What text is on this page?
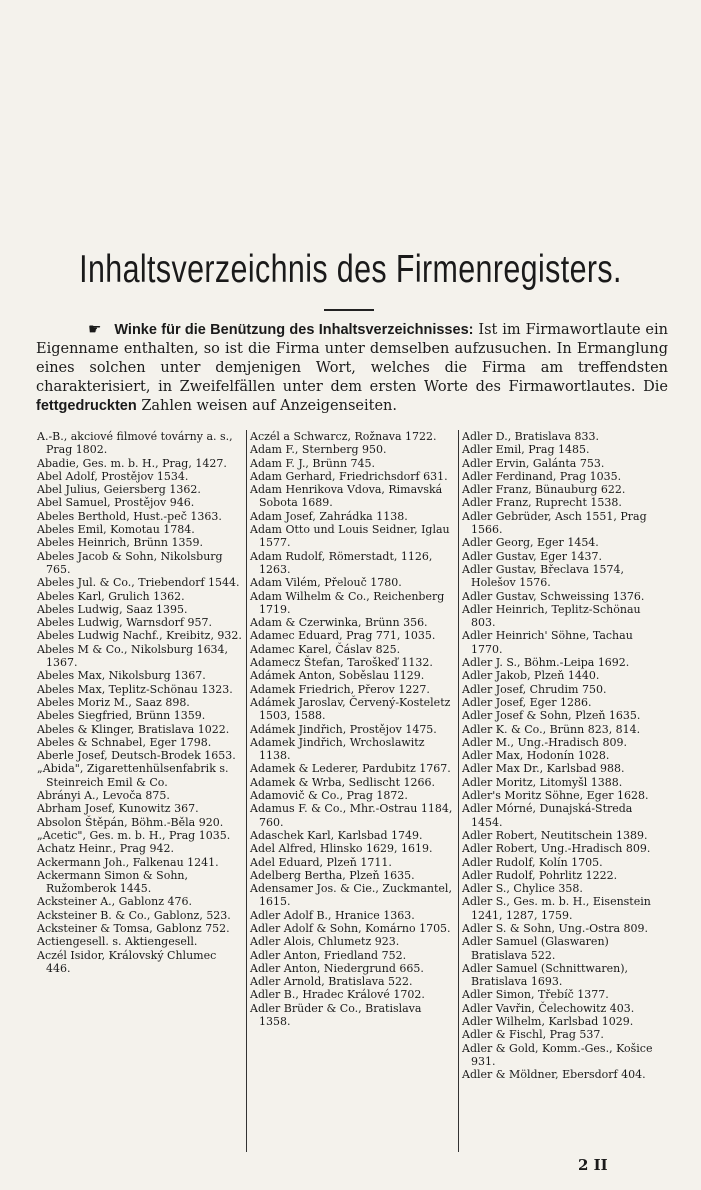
Inhaltsverzeichnis des Firmenregisters.
☛ Winke für die Benützung des Inhaltsverzeichnisses: Ist im Firmawortlaute ein Eigenname enthalten, so ist die Firma unter demselben aufzusuchen. In Ermanglung eines solchen unter demjenigen Wort, welches die Firma am treffendsten charakterisiert, in Zweifelfällen unter dem ersten Worte des Firmawortlautes. Die fettgedruckten Zahlen weisen auf Anzeigenseiten.

A.-B., akciové filmové továrny a. s., Prag 1802.

Abadie, Ges. m. b. H., Prag, 1427.

Abel Adolf, Prostějov 1534.

Abel Julius, Geiersberg 1362.

Abel Samuel, Prostějov 946.

Abeles Berthold, Hust.-peč 1363.

Abeles Emil, Komotau 1784.

Abeles Heinrich, Brünn 1359.

Abeles Jacob & Sohn, Nikolsburg 765.

Abeles Jul. & Co., Triebendorf 1544.

Abeles Karl, Grulich 1362.

Abeles Ludwig, Saaz 1395.

Abeles Ludwig, Warnsdorf 957.

Abeles Ludwig Nachf., Kreibitz, 932.

Abeles M & Co., Nikolsburg 1634, 1367.

Abeles Max, Nikolsburg 1367.

Abeles Max, Teplitz-Schönau 1323.

Abeles Moriz M., Saaz 898.

Abeles Siegfried, Brünn 1359.

Abeles & Klinger, Bratislava 1022.

Abeles & Schnabel, Eger 1798.

Aberle Josef, Deutsch-Brodek 1653.

„Abida", Zigarettenhülsenfabrik s. Steinreich Emil & Co.

Abrányi A., Levoča 875.

Abrham Josef, Kunowitz 367.

Absolon Štěpán, Böhm.-Běla 920.

„Acetic", Ges. m. b. H., Prag 1035.

Achatz Heinr., Prag 942.

Ackermann Joh., Falkenau 1241.

Ackermann Simon & Sohn, Ružomberok 1445.

Acksteiner A., Gablonz 476.

Acksteiner B. & Co., Gablonz, 523.

Acksteiner & Tomsa, Gablonz 752.

Actiengesell. s. Aktiengesell.

Aczél Isidor, Královský Chlumec 446.

Aczél a Schwarcz, Rožnava 1722.

Adam F., Sternberg 950.

Adam F. J., Brünn 745.

Adam Gerhard, Friedrichsdorf 631.

Adam Henrikova Vdova, Rimavská Sobota 1689.

Adam Josef, Zahrádka 1138.

Adam Otto und Louis Seidner, Iglau 1577.

Adam Rudolf, Römerstadt, 1126, 1263.

Adam Vilém, Přelouč 1780.

Adam Wilhelm & Co., Reichenberg 1719.

Adam & Czerwinka, Brünn 356.

Adamec Eduard, Prag 771, 1035.

Adamec Karel, Čáslav 825.

Adamecz Štefan, Taroškeď 1132.

Adámek Anton, Soběslau 1129.

Adamek Friedrich, Přerov 1227.

Adámek Jaroslav, Červený-Kosteletz 1503, 1588.

Adámek Jindřich, Prostějov 1475.

Adamek Jindřich, Wrchoslawitz 1138.

Adamek & Lederer, Pardubitz 1767.

Adamek & Wrba, Sedlischt 1266.

Adamovič & Co., Prag 1872.

Adamus F. & Co., Mhr.-Ostrau 1184, 760.

Adaschek Karl, Karlsbad 1749.

Adel Alfred, Hlinsko 1629, 1619.

Adel Eduard, Plzeň 1711.

Adelberg Bertha, Plzeň 1635.

Adensamer Jos. & Cie., Zuckmantel, 1615.

Adler Adolf B., Hranice 1363.

Adler Adolf & Sohn, Komárno 1705.

Adler Alois, Chlumetz 923.

Adler Anton, Friedland 752.

Adler Anton, Niedergrund 665.

Adler Arnold, Bratislava 522.

Adler B., Hradec Králové 1702.

Adler Brüder & Co., Bratislava 1358.

Adler D., Bratislava 833.

Adler Emil, Prag 1485.

Adler Ervin, Galánta 753.

Adler Ferdinand, Prag 1035.

Adler Franz, Bünauburg 622.

Adler Franz, Ruprecht 1538.

Adler Gebrüder, Asch 1551, Prag 1566.

Adler Georg, Eger 1454.

Adler Gustav, Eger 1437.

Adler Gustav, Břeclava 1574, Holešov 1576.

Adler Gustav, Schweissing 1376.

Adler Heinrich, Teplitz-Schönau 803.

Adler Heinrich' Söhne, Tachau 1770.

Adler J. S., Böhm.-Leipa 1692.

Adler Jakob, Plzeň 1440.

Adler Josef, Chrudim 750.

Adler Josef, Eger 1286.

Adler Josef & Sohn, Plzeň 1635.

Adler K. & Co., Brünn 823, 814.

Adler M., Ung.-Hradisch 809.

Adler Max, Hodonín 1028.

Adler Max Dr., Karlsbad 988.

Adler Moritz, Litomyšl 1388.

Adler's Moritz Söhne, Eger 1628.

Adler Mórné, Dunajská-Streda 1454.

Adler Robert, Neutitschein 1389.

Adler Robert, Ung.-Hradisch 809.

Adler Rudolf, Kolín 1705.

Adler Rudolf, Pohrlitz 1222.

Adler S., Chylice 358.

Adler S., Ges. m. b. H., Eisenstein 1241, 1287, 1759.

Adler S. & Sohn, Ung.-Ostra 809.

Adler Samuel (Glaswaren) Bratislava 522.

Adler Samuel (Schnittwaren), Bratislava 1693.

Adler Simon, Třebíč 1377.

Adler Vavřin, Čelechowitz 403.

Adler Wilhelm, Karlsbad 1029.

Adler & Fischl, Prag 537.

Adler & Gold, Komm.-Ges., Košice 931.

Adler & Möldner, Ebersdorf 404.

2 II
